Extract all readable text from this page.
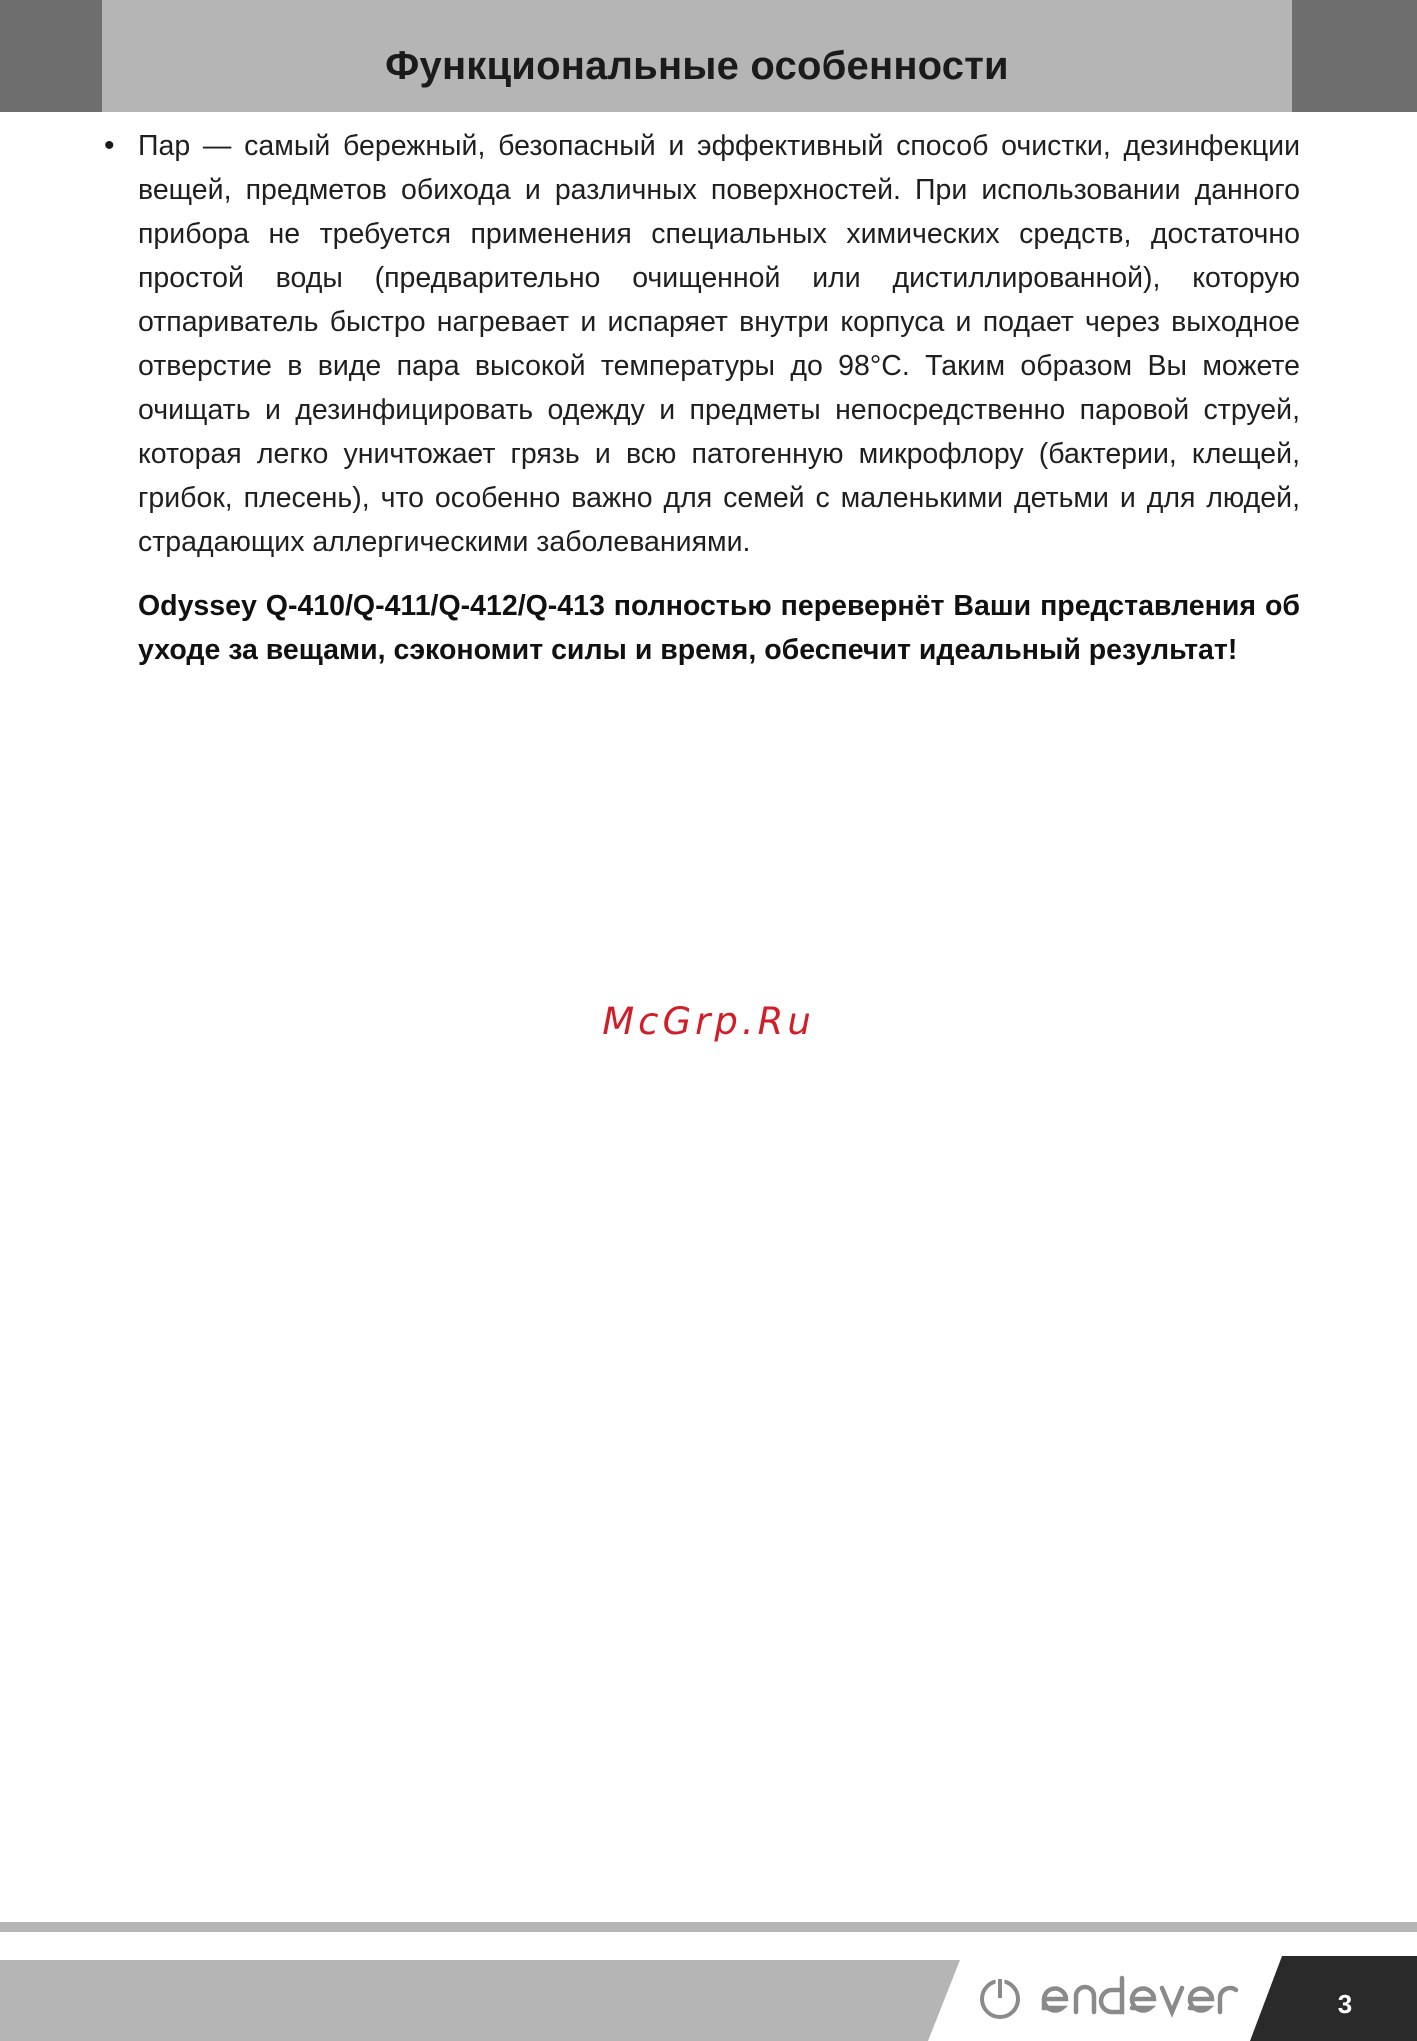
Функциональные особенности
• Пар — самый бережный, безопасный и эффективный способ очистки, дезинфекции вещей, предметов обихода и различных поверхностей. При использовании данного прибора не требуется применения специальных химических средств, достаточно простой воды (предварительно очищенной или дистиллированной), которую отпариватель быстро нагревает и испаряет внутри корпуса и подает через выходное отверстие в виде пара высокой температуры до 98°С. Таким образом Вы можете очищать и дезинфицировать одежду и предметы непосредственно паровой струей, которая легко уничтожает грязь и всю патогенную микрофлору (бактерии, клещей, грибок, плесень), что особенно важно для семей с маленькими детьми и для людей, страдающих аллергическими заболеваниями.
Odyssey Q-410/Q-411/Q-412/Q-413 полностью перевернёт Ваши представления об уходе за вещами, сэкономит силы и время, обеспечит идеальный результат!
McGrp.Ru
3
